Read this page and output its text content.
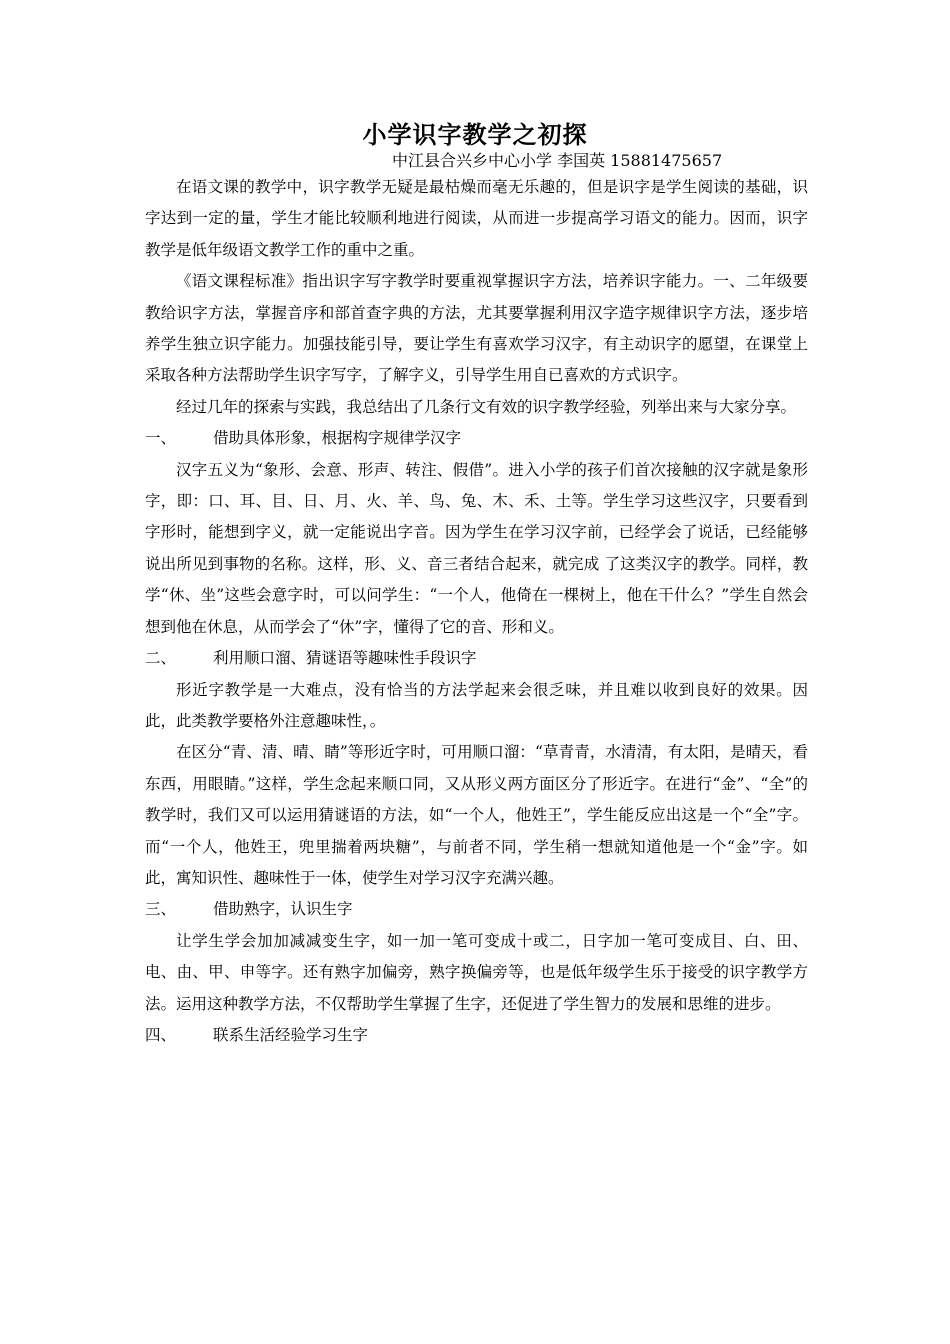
小学识字教学之初探
中江县合兴乡中心小学 李国英 15881475657

在语文课的教学中，识字教学无疑是最枯燥而毫无乐趣的，但是识字是学生阅读的基础，识字达到一定的量，学生才能比较顺利地进行阅读，从而进一步提高学习语文的能力。因而，识字教学是低年级语文教学工作的重中之重。

《语文课程标准》指出识字写字教学时要重视掌握识字方法，培养识字能力。一、二年级要教给识字方法，掌握音序和部首查字典的方法，尤其要掌握利用汉字造字规律识字方法，逐步培养学生独立识字能力。加强技能引导，要让学生有喜欢学习汉字，有主动识字的愿望，在课堂上采取各种方法帮助学生识字写字，了解字义，引导学生用自已喜欢的方式识字。

经过几年的探索与实践，我总结出了几条行文有效的识字教学经验，列举出来与大家分享。

一、 借助具体形象，根据构字规律学汉字

汉字五义为“象形、会意、形声、转注、假借”。进入小学的孩子们首次接触的汉字就是象形字，即：口、耳、目、日、月、火、羊、鸟、兔、木、禾、土等。学生学习这些汉字，只要看到字形时，能想到字义，就一定能说出字音。因为学生在学习汉字前，已经学会了说话，已经能够说出所见到事物的名称。这样，形、义、音三者结合起来，就完成 了这类汉字的教学。同样，教学“休、坐”这些会意字时，可以问学生：“一个人，他倚在一棵树上，他在干什么？”学生自然会想到他在休息，从而学会了“休”字，懂得了它的音、形和义。

二、 利用顺口溜、猜谜语等趣味性手段识字

形近字教学是一大难点，没有恰当的方法学起来会很乏味，并且难以收到良好的效果。因此，此类教学要格外注意趣味性，。

在区分“青、清、晴、睛”等形近字时，可用顺口溜：“草青青，水清清，有太阳，是晴天，看东西，用眼睛。”这样，学生念起来顺口同，又从形义两方面区分了形近字。在进行“金”、“全”的教学时，我们又可以运用猜谜语的方法，如“一个人，他姓王”，学生能反应出这是一个“全”字。而“一个人，他姓王，兜里揣着两块糖”，与前者不同，学生稍一想就知道他是一个“金”字。如此，寓知识性、趣味性于一体，使学生对学习汉字充满兴趣。

三、 借助熟字，认识生字

让学生学会加加减减变生字，如一加一笔可变成十或二，日字加一笔可变成目、白、田、电、由、甲、申等字。还有熟字加偏旁，熟字换偏旁等，也是低年级学生乐于接受的识字教学方法。运用这种教学方法，不仅帮助学生掌握了生字，还促进了学生智力的发展和思维的进步。

四、 联系生活经验学习生字
